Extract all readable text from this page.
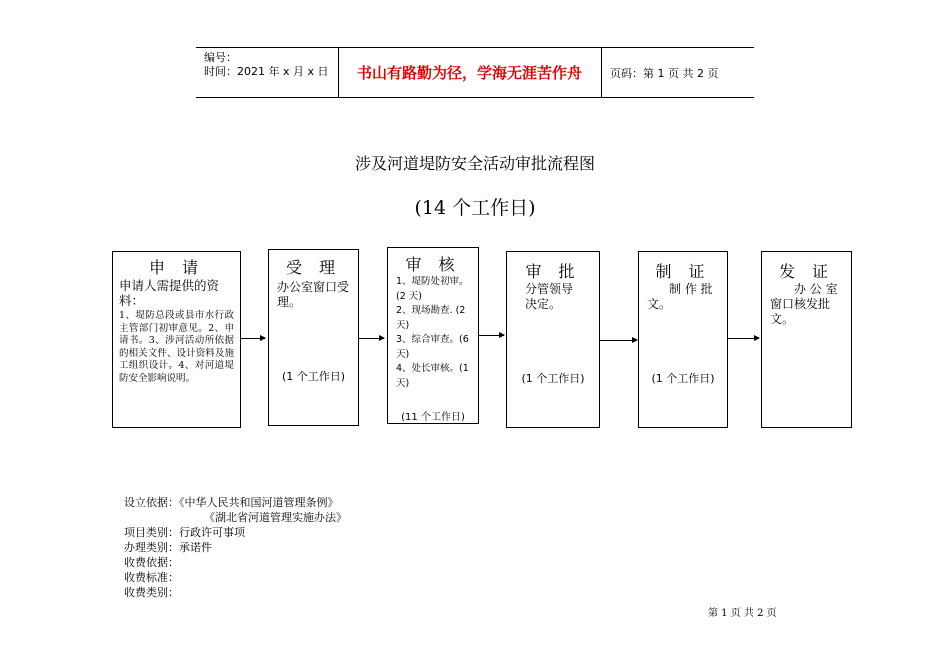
编号：
时间：2021 年 x 月 x 日	书山有路勤为径，学海无涯苦作舟	页码：第 1 页 共 2 页
涉及河道堤防安全活动审批流程图
(14 个工作日)
申 请
申请人需提供的资料：
1、堤防总段或县市水行政主管部门初审意见。2、申请书。3、涉河活动所依据的相关文件、设计资料及施工组织设计。4、对河道堤防安全影响说明。
受 理
办公室窗口受理。
(1 个工作日)
审 核
1、堤防处初审。(2 天)
2、现场勘查. (2 天)
3、综合审查。(6 天)
4、处长审核。(1 天)
(11 个工作日)
审 批
分管领导决定。
(1 个工作日)
制 证
制 作 批 文。
(1 个工作日)
发 证
办 公 室 窗口核发批文。
设立依据：《中华人民共和国河道管理条例》
《湖北省河道管理实施办法》
项目类别：行政许可事项
办理类别：承诺件
收费依据：
收费标准：
收费类别：
第 1 页 共 2 页
